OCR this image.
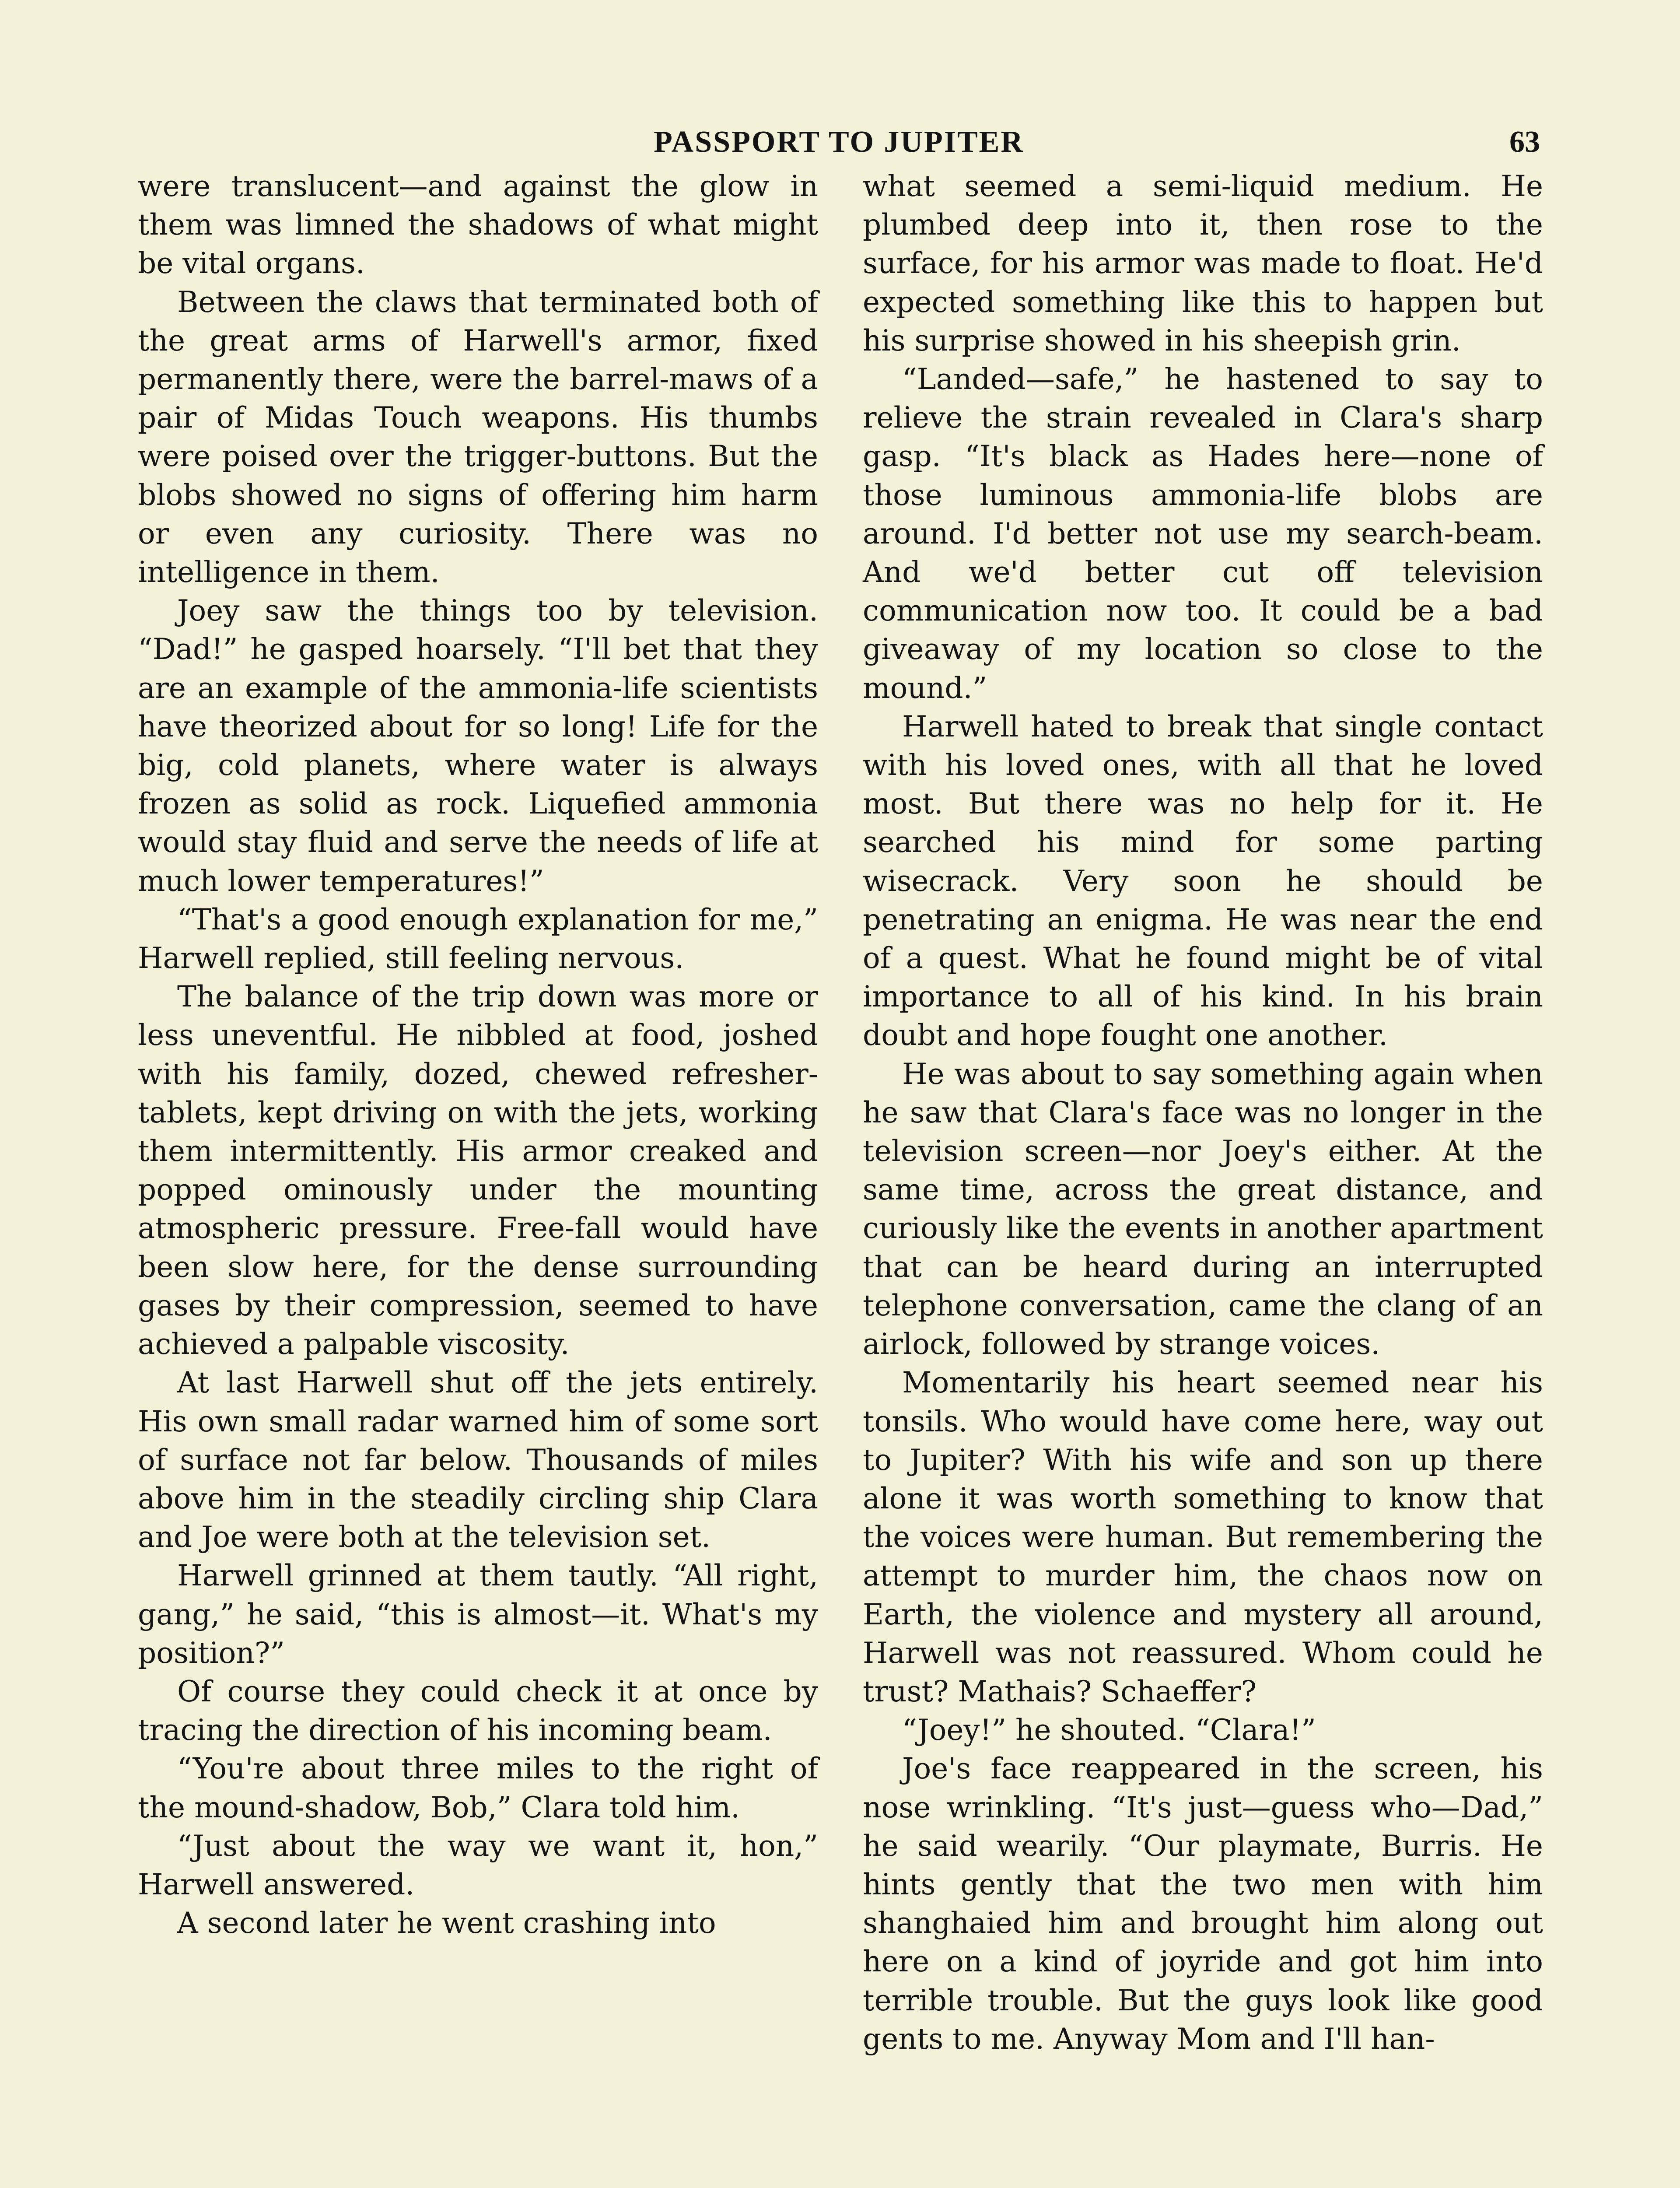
PASSPORT TO JUPITER	63

were translucent—and against the glow in them was limned the shadows of what might be vital organs.

Between the claws that terminated both of the great arms of Harwell's armor, fixed permanently there, were the barrel-maws of a pair of Midas Touch weapons. His thumbs were poised over the trigger-buttons. But the blobs showed no signs of offering him harm or even any curiosity. There was no intelligence in them.

Joey saw the things too by television. “Dad!” he gasped hoarsely. “I'll bet that they are an example of the ammonia-life scientists have theorized about for so long! Life for the big, cold planets, where water is always frozen as solid as rock. Liquefied ammonia would stay fluid and serve the needs of life at much lower temperatures!”

“That's a good enough explanation for me,” Harwell replied, still feeling nervous.

The balance of the trip down was more or less uneventful. He nibbled at food, joshed with his family, dozed, chewed refresher-tablets, kept driving on with the jets, working them intermittently. His armor creaked and popped ominously under the mounting atmospheric pressure. Free-fall would have been slow here, for the dense surrounding gases by their compression, seemed to have achieved a palpable viscosity.

At last Harwell shut off the jets entirely. His own small radar warned him of some sort of surface not far below. Thousands of miles above him in the steadily circling ship Clara and Joe were both at the television set.

Harwell grinned at them tautly. “All right, gang,” he said, “this is almost—it. What's my position?”

Of course they could check it at once by tracing the direction of his incoming beam.

“You're about three miles to the right of the mound-shadow, Bob,” Clara told him.

“Just about the way we want it, hon,” Harwell answered.

A second later he went crashing into

what seemed a semi-liquid medium. He plumbed deep into it, then rose to the surface, for his armor was made to float. He'd expected something like this to happen but his surprise showed in his sheepish grin.

“Landed—safe,” he hastened to say to relieve the strain revealed in Clara's sharp gasp. “It's black as Hades here—none of those luminous ammonia-life blobs are around. I'd better not use my search-beam. And we'd better cut off television communication now too. It could be a bad giveaway of my location so close to the mound.”

Harwell hated to break that single contact with his loved ones, with all that he loved most. But there was no help for it. He searched his mind for some parting wisecrack. Very soon he should be penetrating an enigma. He was near the end of a quest. What he found might be of vital importance to all of his kind. In his brain doubt and hope fought one another.

He was about to say something again when he saw that Clara's face was no longer in the television screen—nor Joey's either. At the same time, across the great distance, and curiously like the events in another apartment that can be heard during an interrupted telephone conversation, came the clang of an airlock, followed by strange voices.

Momentarily his heart seemed near his tonsils. Who would have come here, way out to Jupiter? With his wife and son up there alone it was worth something to know that the voices were human. But remembering the attempt to murder him, the chaos now on Earth, the violence and mystery all around, Harwell was not reassured. Whom could he trust? Mathais? Schaeffer?

“Joey!” he shouted. “Clara!”

Joe's face reappeared in the screen, his nose wrinkling. “It's just—guess who—Dad,” he said wearily. “Our playmate, Burris. He hints gently that the two men with him shanghaied him and brought him along out here on a kind of joyride and got him into terrible trouble. But the guys look like good gents to me. Anyway Mom and I'll han-
